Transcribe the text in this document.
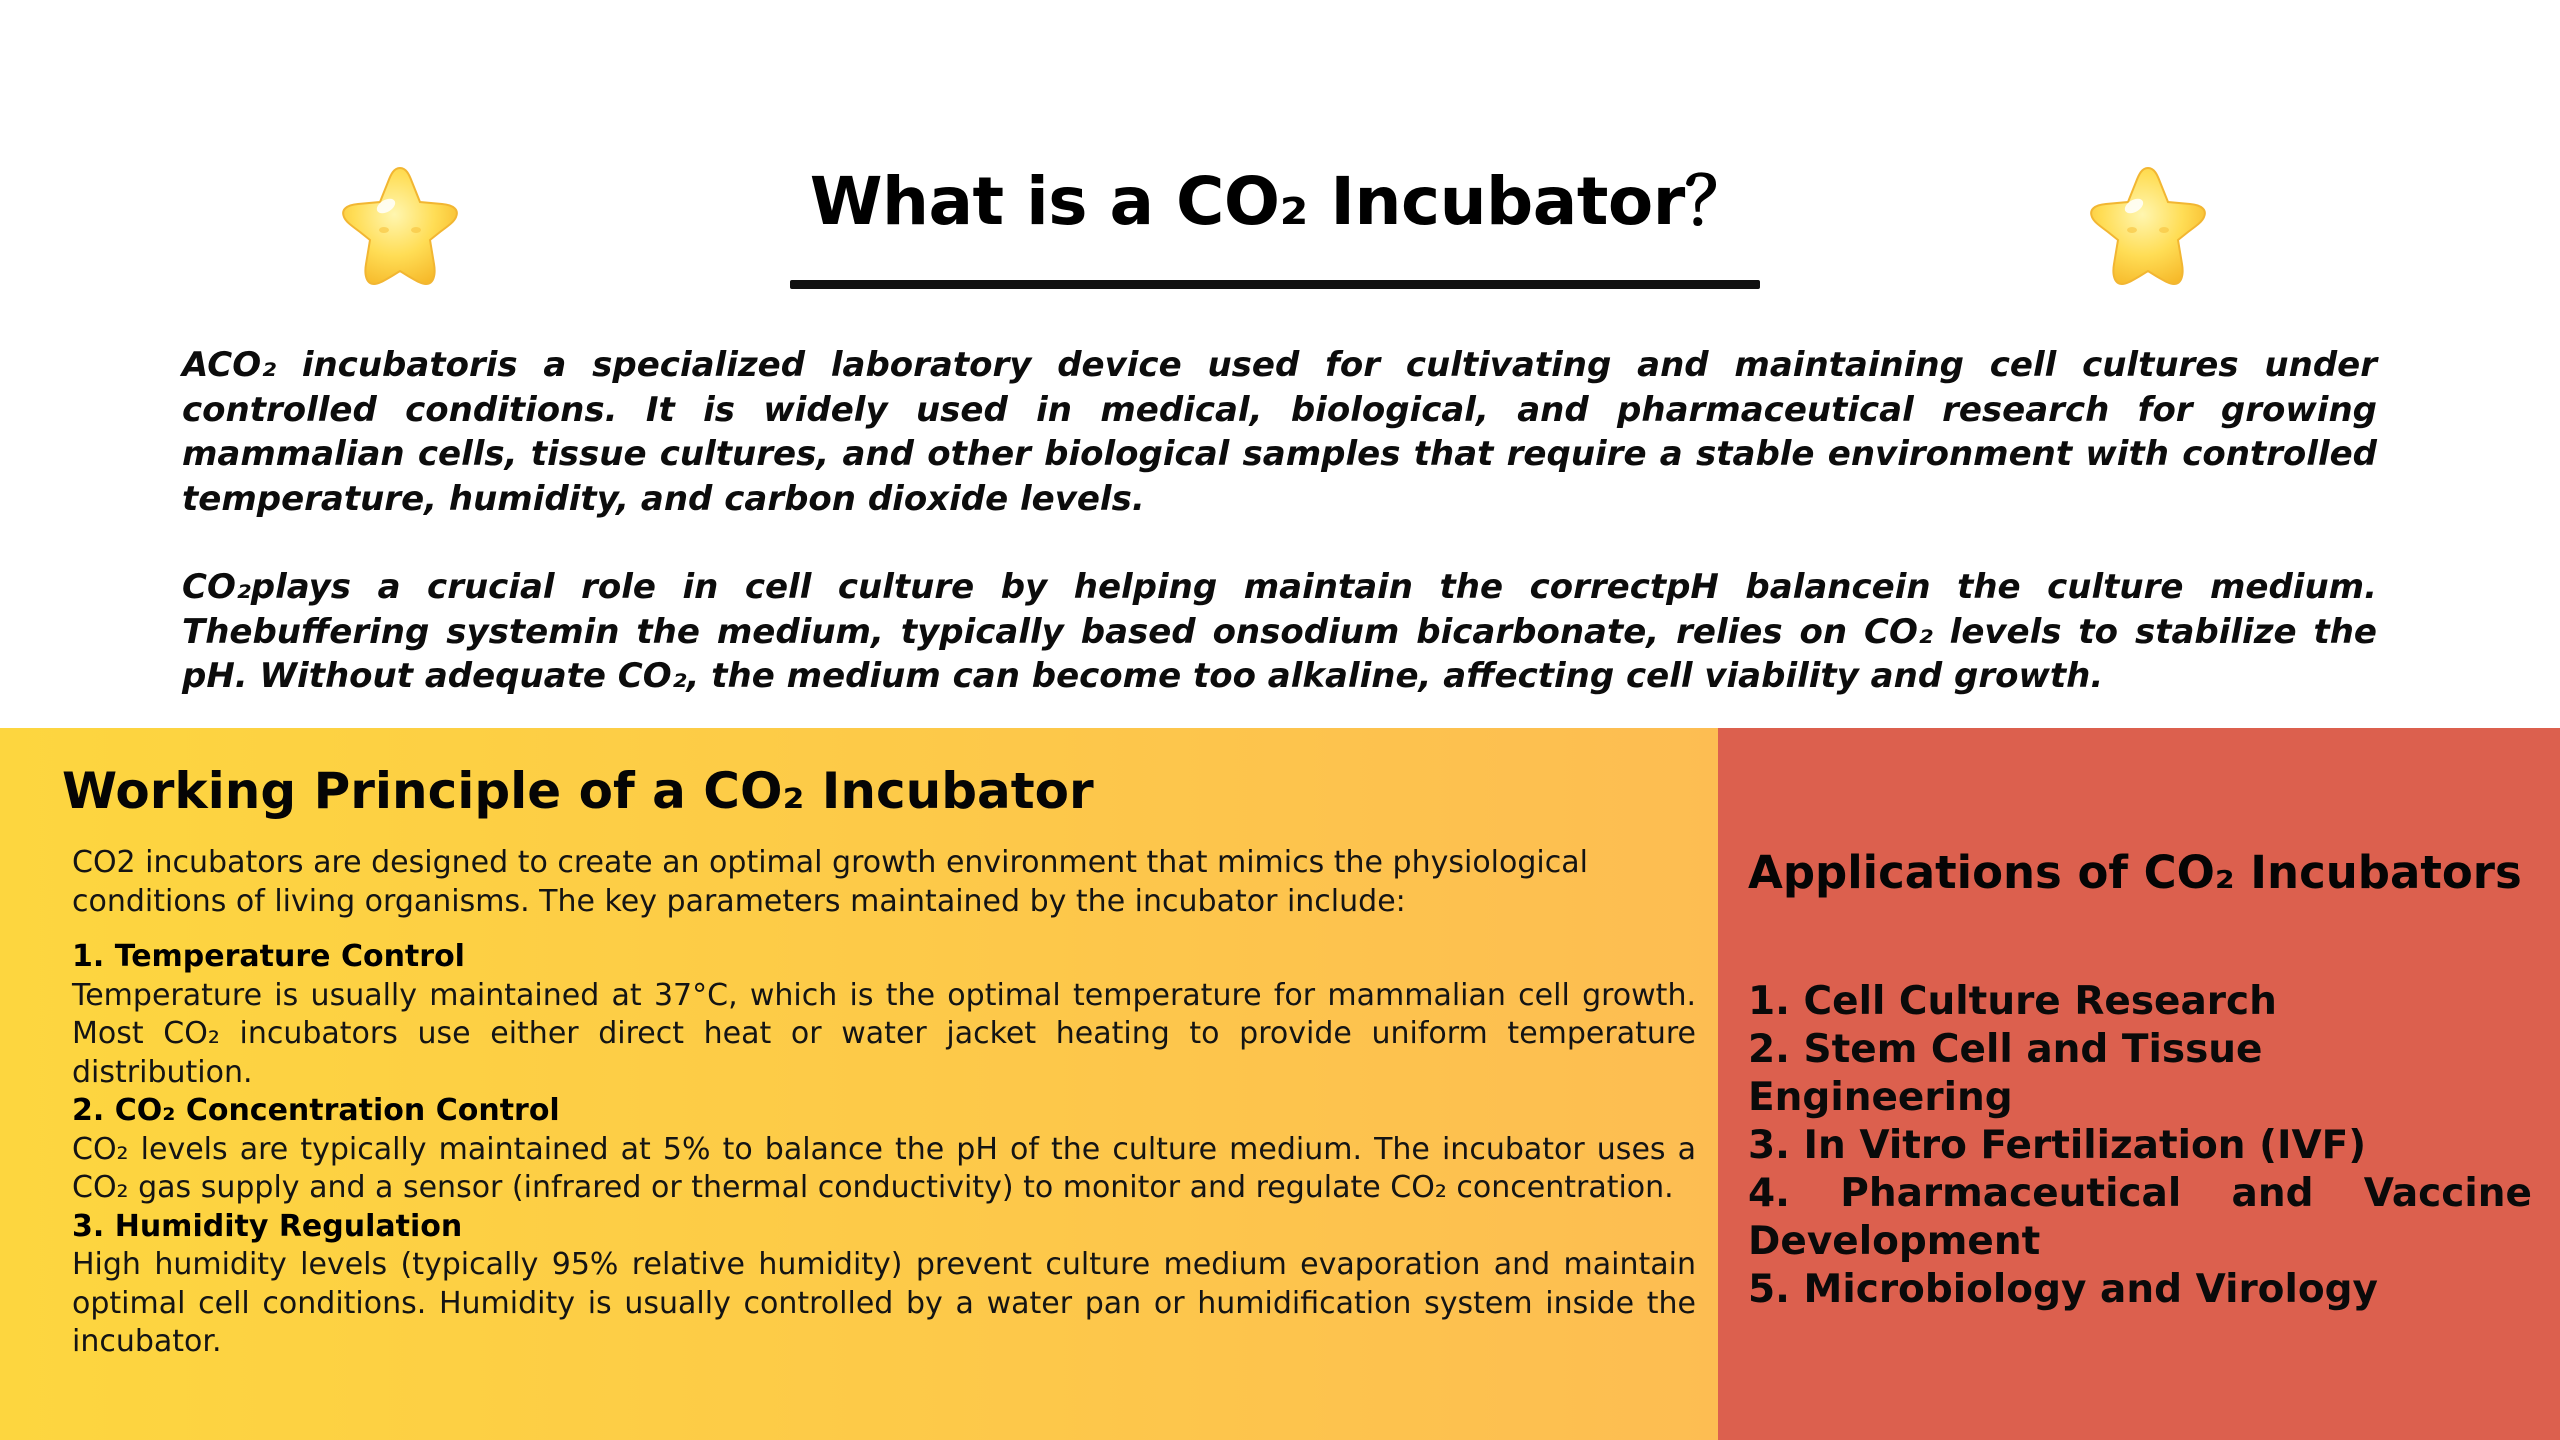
What is a CO₂ Incubator？

ACO₂ incubatoris a specialized laboratory device used for cultivating and maintaining cell cultures under controlled conditions. It is widely used in medical, biological, and pharmaceutical research for growing mammalian cells, tissue cultures, and other biological samples that require a stable environment with controlled temperature, humidity, and carbon dioxide levels.

CO₂plays a crucial role in cell culture by helping maintain the correctpH balancein the culture medium. Thebuffering systemin the medium, typically based onsodium bicarbonate, relies on CO₂ levels to stabilize the pH. Without adequate CO₂, the medium can become too alkaline, affecting cell viability and growth.

Working Principle of a CO₂ Incubator

CO2 incubators are designed to create an optimal growth environment that mimics the physiological conditions of living organisms. The key parameters maintained by the incubator include:

1. Temperature Control

Temperature is usually maintained at 37°C, which is the optimal temperature for mammalian cell growth. Most CO₂ incubators use either direct heat or water jacket heating to provide uniform temperature distribution.

2. CO₂ Concentration Control

CO₂ levels are typically maintained at 5% to balance the pH of the culture medium. The incubator uses a CO₂ gas supply and a sensor (infrared or thermal conductivity) to monitor and regulate CO₂ concentration.

3. Humidity Regulation

High humidity levels (typically 95% relative humidity) prevent culture medium evaporation and maintain optimal cell conditions. Humidity is usually controlled by a water pan or humidification system inside the incubator.

Applications of CO₂ Incubators
1. Cell Culture Research
2. Stem Cell and Tissue Engineering
3. In Vitro Fertilization (IVF)
4. Pharmaceutical and Vaccine Development
5. Microbiology and Virology
